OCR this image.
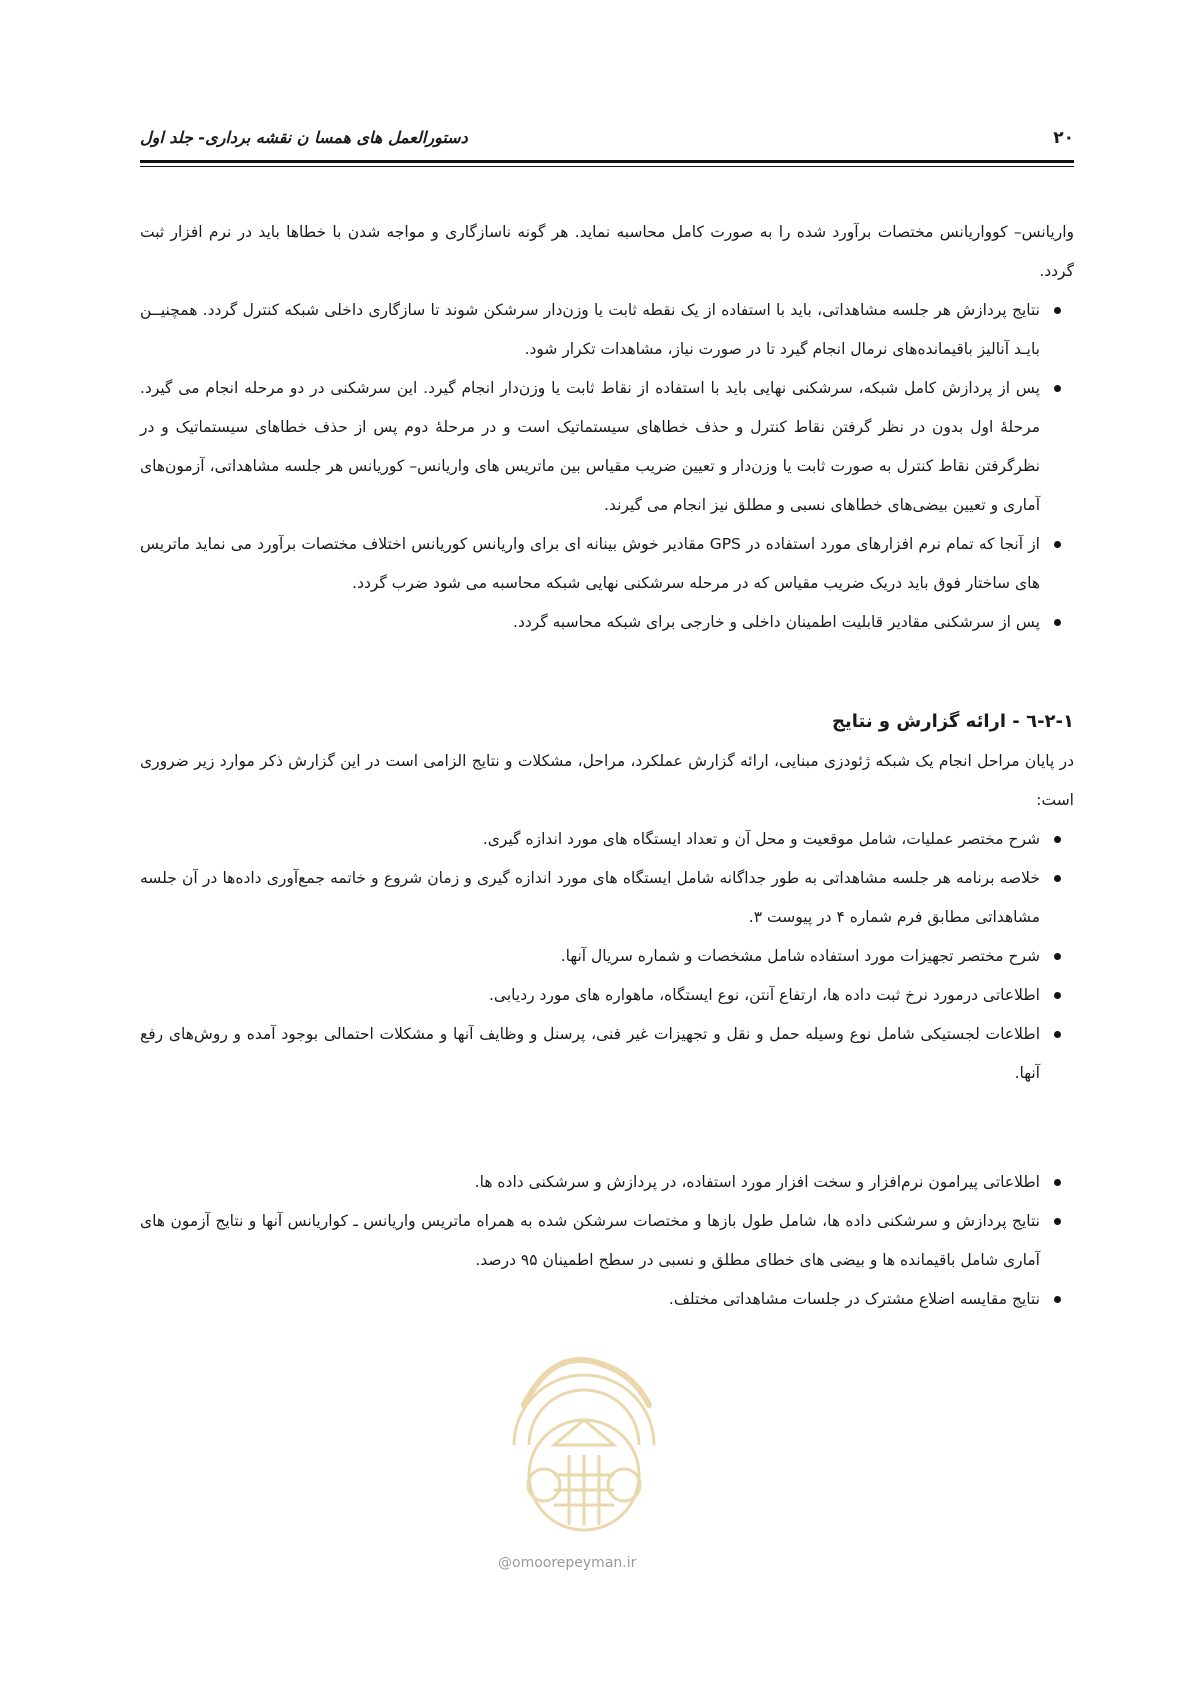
۲۰
دستورالعمل های همسا ن نقشه برداری- جلد اول

واریانس– کوواریانس مختصات برآورد شده را به صورت کامل محاسبه نماید. هر گونه ناسازگاری و مواجه شدن با خطاها باید در نرم افزار ثبت گردد.

نتایج پردازش هر جلسه مشاهداتی، باید با استفاده از یک نقطه ثابت یا وزن‌دار سرشکن شوند تا سازگاری داخلی شبکه کنترل گردد. همچنیــن بایـد آنالیز باقیمانده‌های نرمال انجام گیرد تا در صورت نیاز، مشاهدات تکرار شود.
پس از پردازش کامل شبکه، سرشکنی نهایی باید با استفاده از نقاط ثابت یا وزن‌دار انجام گیرد. این سرشکنی در دو مرحله انجام می گیرد. مرحلهٔ اول بدون در نظر گرفتن نقاط کنترل و حذف خطاهای سیستماتیک است و در مرحلهٔ دوم پس از حذف خطاهای سیستماتیک و در نظرگرفتن نقاط کنترل به صورت ثابت یا وزن‌دار و تعیین ضریب مقیاس بین ماتریس های واریانس– کوریانس هر جلسه مشاهداتی، آزمون‌های آماری و تعیین بیضی‌های خطاهای نسبی و مطلق نیز انجام می گیرند.
از آنجا که تمام نرم افزارهای مورد استفاده در GPS مقادیر خوش بینانه ای برای واریانس کوریانس اختلاف مختصات برآورد می نماید ماتریس های ساختار فوق باید دریک ضریب مقیاس که در مرحله سرشکنی نهایی شبکه محاسبه می شود ضرب گردد.
پس از سرشکنی مقادیر قابلیت اطمینان داخلی و خارجی برای شبکه محاسبه گردد.
۲-۱-٦ - ارائه گزارش و نتایج

در پایان مراحل انجام یک شبکه ژئودزی مبنایی، ارائه گزارش عملکرد، مراحل، مشکلات و نتایج الزامی است در این گزارش ذکر موارد زیر ضروری است:

شرح مختصر عملیات، شامل موقعیت و محل آن و تعداد ایستگاه های مورد اندازه گیری.
خلاصه برنامه هر جلسه مشاهداتی به طور جداگانه شامل ایستگاه های مورد اندازه گیری و زمان شروع و خاتمه جمع‌آوری داده‌ها در آن جلسه مشاهداتی مطابق فرم شماره ۴ در پیوست ۳.
شرح مختصر تجهیزات مورد استفاده شامل مشخصات و شماره سریال آنها.
اطلاعاتی درمورد نرخ ثبت داده ها، ارتفاع آنتن، نوع ایستگاه، ماهواره های مورد ردیابی.
اطلاعات لجستیکی شامل نوع وسیله حمل و نقل و تجهیزات غیر فنی، پرسنل و وظایف آنها و مشکلات احتمالی بوجود آمده و روش‌های رفع آنها.
اطلاعاتی پیرامون نرم‌افزار و سخت افزار مورد استفاده، در پردازش و سرشکنی داده ها.
نتایج پردازش و سرشکنی داده ها، شامل طول بازها و مختصات سرشکن شده به همراه ماتریس واریانس ـ کواریانس آنها و نتایج آزمون های آماری شامل باقیمانده ها و بیضی های خطای مطلق و نسبی در سطح اطمینان ۹۵ درصد.
نتایج مقایسه اضلاع مشترک در جلسات مشاهداتی مختلف.
@omoorepeyman.ir
